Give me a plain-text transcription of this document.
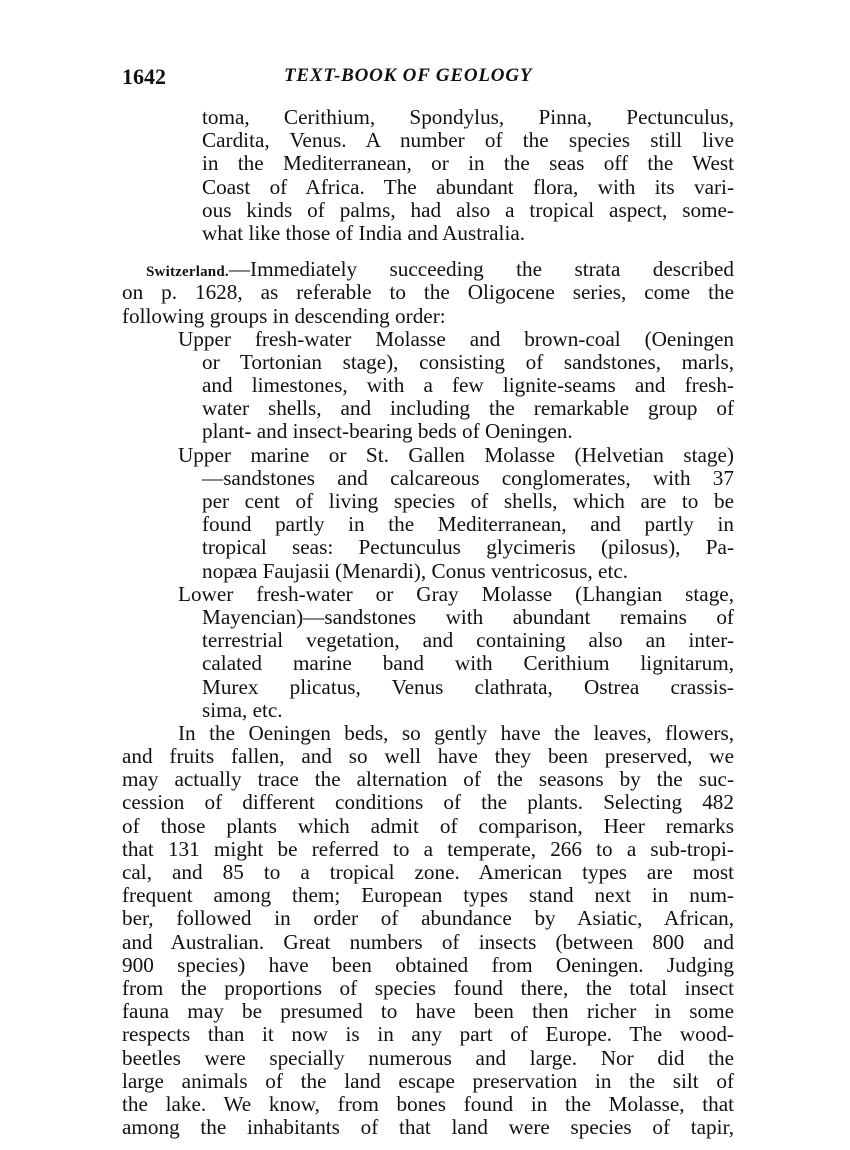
1642	TEXT-BOOK OF GEOLOGY
toma, Cerithium, Spondylus, Pinna, Pectunculus,
Cardita, Venus. A number of the species still live
in the Mediterranean, or in the seas off the West
Coast of Africa. The abundant flora, with its vari-
ous kinds of palms, had also a tropical aspect, some-
what like those of India and Australia.
Switzerland.—Immediately succeeding the strata described
on p. 1628, as referable to the Oligocene series, come the
following groups in descending order:
Upper fresh-water Molasse and brown-coal (Oeningen
or Tortonian stage), consisting of sandstones, marls,
and limestones, with a few lignite-seams and fresh-
water shells, and including the remarkable group of
plant- and insect-bearing beds of Oeningen.
Upper marine or St. Gallen Molasse (Helvetian stage)
—sandstones and calcareous conglomerates, with 37
per cent of living species of shells, which are to be
found partly in the Mediterranean, and partly in
tropical seas: Pectunculus glycimeris (pilosus), Pa-
nopæa Faujasii (Menardi), Conus ventricosus, etc.
Lower fresh-water or Gray Molasse (Lhangian stage,
Mayencian)—sandstones with abundant remains of
terrestrial vegetation, and containing also an inter-
calated marine band with Cerithium lignitarum,
Murex plicatus, Venus clathrata, Ostrea crassis-
sima, etc.
In the Oeningen beds, so gently have the leaves, flowers,
and fruits fallen, and so well have they been preserved, we
may actually trace the alternation of the seasons by the suc-
cession of different conditions of the plants. Selecting 482
of those plants which admit of comparison, Heer remarks
that 131 might be referred to a temperate, 266 to a sub-tropi-
cal, and 85 to a tropical zone. American types are most
frequent among them; European types stand next in num-
ber, followed in order of abundance by Asiatic, African,
and Australian. Great numbers of insects (between 800 and
900 species) have been obtained from Oeningen. Judging
from the proportions of species found there, the total insect
fauna may be presumed to have been then richer in some
respects than it now is in any part of Europe. The wood-
beetles were specially numerous and large. Nor did the
large animals of the land escape preservation in the silt of
the lake. We know, from bones found in the Molasse, that
among the inhabitants of that land were species of tapir,
